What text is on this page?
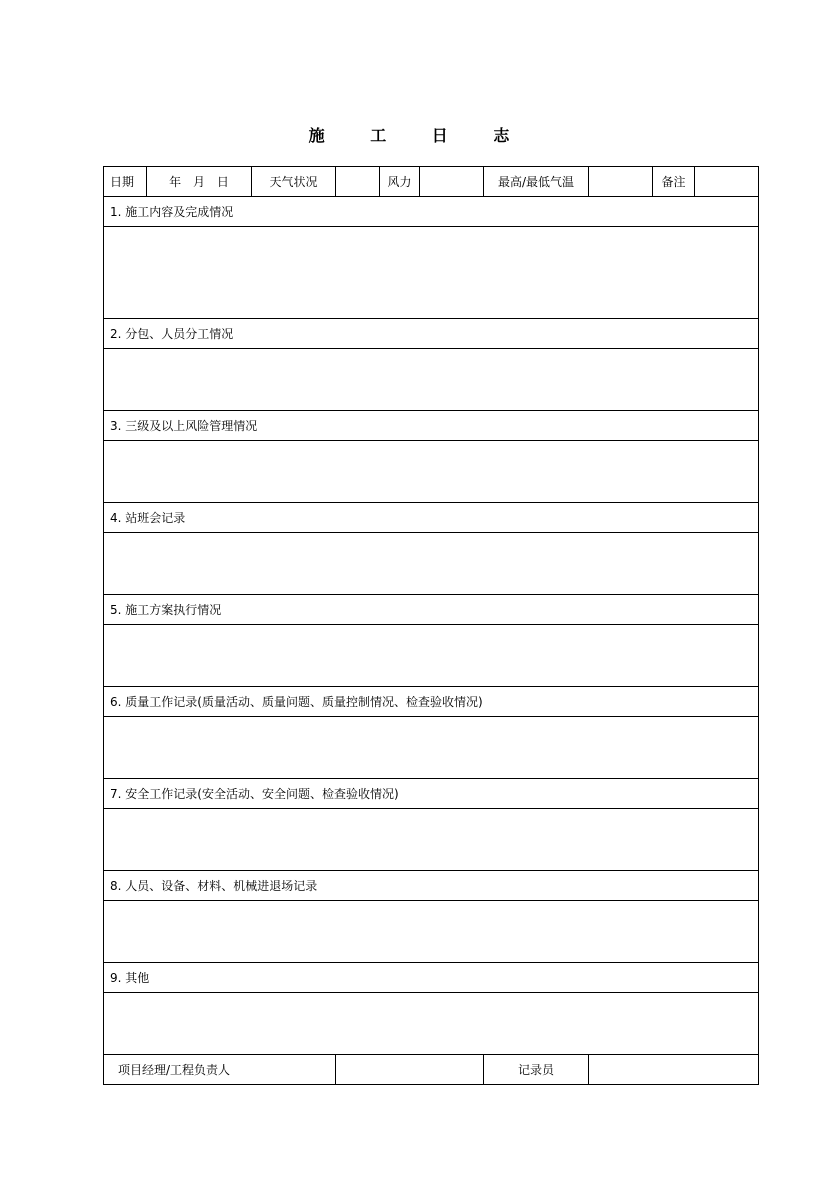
施 工 日 志
日期	年 月 日	天气状况		风力		最高/最低气温		备注	
1. 施工内容及完成情况									

2. 分包、人员分工情况									

3. 三级及以上风险管理情况									

4. 站班会记录									

5. 施工方案执行情况									

6. 质量工作记录(质量活动、质量问题、质量控制情况、检查验收情况)									

7. 安全工作记录(安全活动、安全问题、检查验收情况)									

8. 人员、设备、材料、机械进退场记录									

9. 其他									

项目经理/工程负责人						记录员			
